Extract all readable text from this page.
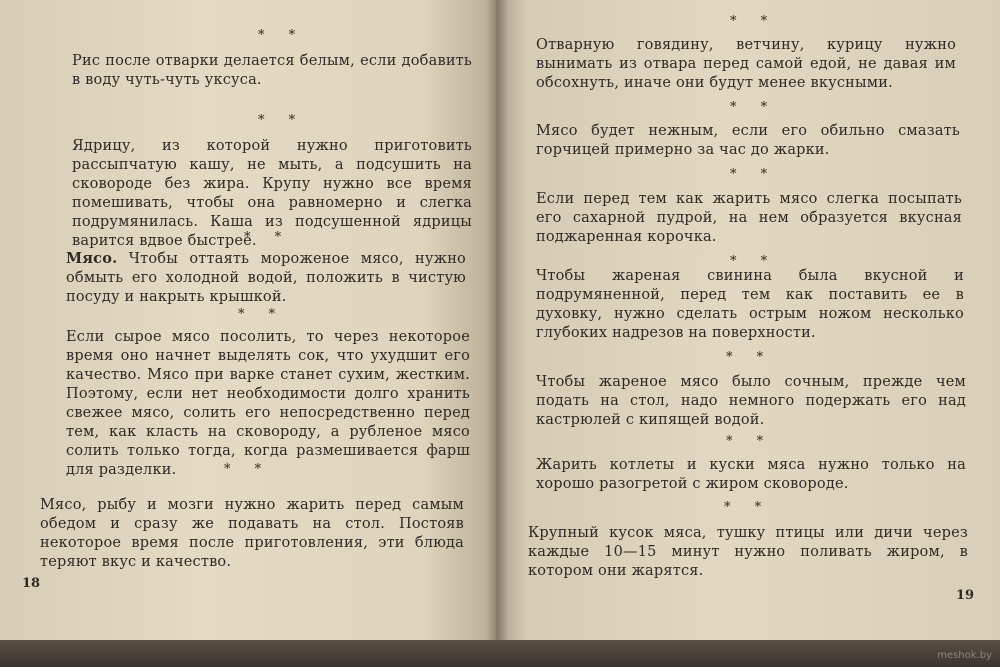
* *

Рис после отварки делается белым, если добавить в воду чуть-чуть уксуса.

* *

Ядрицу, из которой нужно приготовить рассыпчатую кашу, не мыть, а подсушить на сковороде без жира. Крупу нужно все время помешивать, чтобы она равномерно и слегка подрумянилась. Каша из подсушенной ядрицы варится вдвое быстрее.

* *

Мясо. Чтобы оттаять мороженое мясо, нужно обмыть его холодной водой, положить в чистую посуду и накрыть крышкой.

* *

Если сырое мясо посолить, то через некоторое время оно начнет выделять сок, что ухудшит его качество. Мясо при варке станет сухим, жестким. Поэтому, если нет необходимости долго хранить свежее мясо, солить его непосредственно перед тем, как класть на сковороду, а рубленое мясо солить только тогда, когда размешивается фарш для разделки.	* *

Мясо, рыбу и мозги нужно жарить перед самым обедом и сразу же подавать на стол. Постояв некоторое время после приготовления, эти блюда теряют вкус и качество.

18
* *

Отварную говядину, ветчину, курицу нужно вынимать из отвара перед самой едой, не давая им обсохнуть, иначе они будут менее вкусными.

* *

Мясо будет нежным, если его обильно смазать горчицей примерно за час до жарки.

* *

Если перед тем как жарить мясо слегка посыпать его сахарной пудрой, на нем образуется вкусная поджаренная корочка.

* *

Чтобы жареная свинина была вкусной и подрумяненной, перед тем как поставить ее в духовку, нужно сделать острым ножом несколько глубоких надрезов на поверхности.

* *

Чтобы жареное мясо было сочным, прежде чем подать на стол, надо немного подержать его над кастрюлей с кипящей водой.

* *

Жарить котлеты и куски мяса нужно только на хорошо разогретой с жиром сковороде.

* *

Крупный кусок мяса, тушку птицы или дичи через каждые 10—15 минут нужно поливать жиром, в котором они жарятся.

19
meshok.by
